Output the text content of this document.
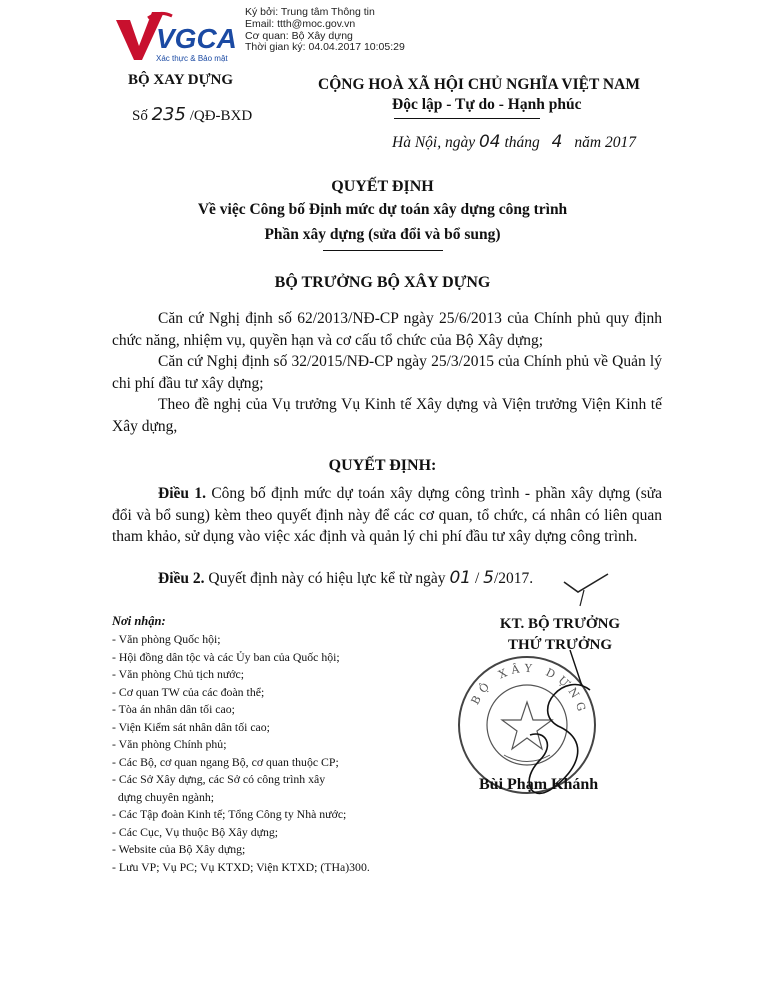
Ký bởi: Trung tâm Thông tin
Email: ttth@moc.gov.vn
Cơ quan: Bộ Xây dựng
Thời gian ký: 04.04.2017 10:05:29
VGCA
Xác thực & Bảo mật
BỘ XAY DỰNG
Số 235 /QĐ-BXD
CỘNG HOÀ XÃ HỘI CHỦ NGHĨA VIỆT NAM
Độc lập - Tự do - Hạnh phúc
Hà Nội, ngày 04 tháng 4 năm 2017
QUYẾT ĐỊNH
Về việc Công bố Định mức dự toán xây dựng công trình
Phần xây dựng (sửa đổi và bổ sung)
BỘ TRƯỞNG BỘ XÂY DỰNG
Căn cứ Nghị định số 62/2013/NĐ-CP ngày 25/6/2013 của Chính phủ quy định chức năng, nhiệm vụ, quyền hạn và cơ cấu tổ chức của Bộ Xây dựng;
Căn cứ Nghị định số 32/2015/NĐ-CP ngày 25/3/2015 của Chính phủ về Quản lý chi phí đầu tư xây dựng;
Theo đề nghị của Vụ trưởng Vụ Kinh tế Xây dựng và Viện trưởng Viện Kinh tế Xây dựng,
QUYẾT ĐỊNH:
Điều 1. Công bố định mức dự toán xây dựng công trình - phần xây dựng (sửa đổi và bổ sung) kèm theo quyết định này để các cơ quan, tổ chức, cá nhân có liên quan tham khảo, sử dụng vào việc xác định và quản lý chi phí đầu tư xây dựng công trình.
Điều 2. Quyết định này có hiệu lực kể từ ngày 01 / 5/2017.
Nơi nhận:
- Văn phòng Quốc hội;
- Hội đồng dân tộc và các Ủy ban của Quốc hội;
- Văn phòng Chủ tịch nước;
- Cơ quan TW của các đoàn thể;
- Tòa án nhân dân tối cao;
- Viện Kiểm sát nhân dân tối cao;
- Văn phòng Chính phủ;
- Các Bộ, cơ quan ngang Bộ, cơ quan thuộc CP;
- Các Sở Xây dựng, các Sở có công trình xây
dựng chuyên ngành;
- Các Tập đoàn Kinh tế; Tổng Công ty Nhà nước;
- Các Cục, Vụ thuộc Bộ Xây dựng;
- Website của Bộ Xây dựng;
- Lưu VP; Vụ PC; Vụ KTXD; Viện KTXD; (THa)300.
KT. BỘ TRƯỞNG
THỨ TRƯỞNG
BỘ XÂY DỰNG
Bùi Phạm Khánh
